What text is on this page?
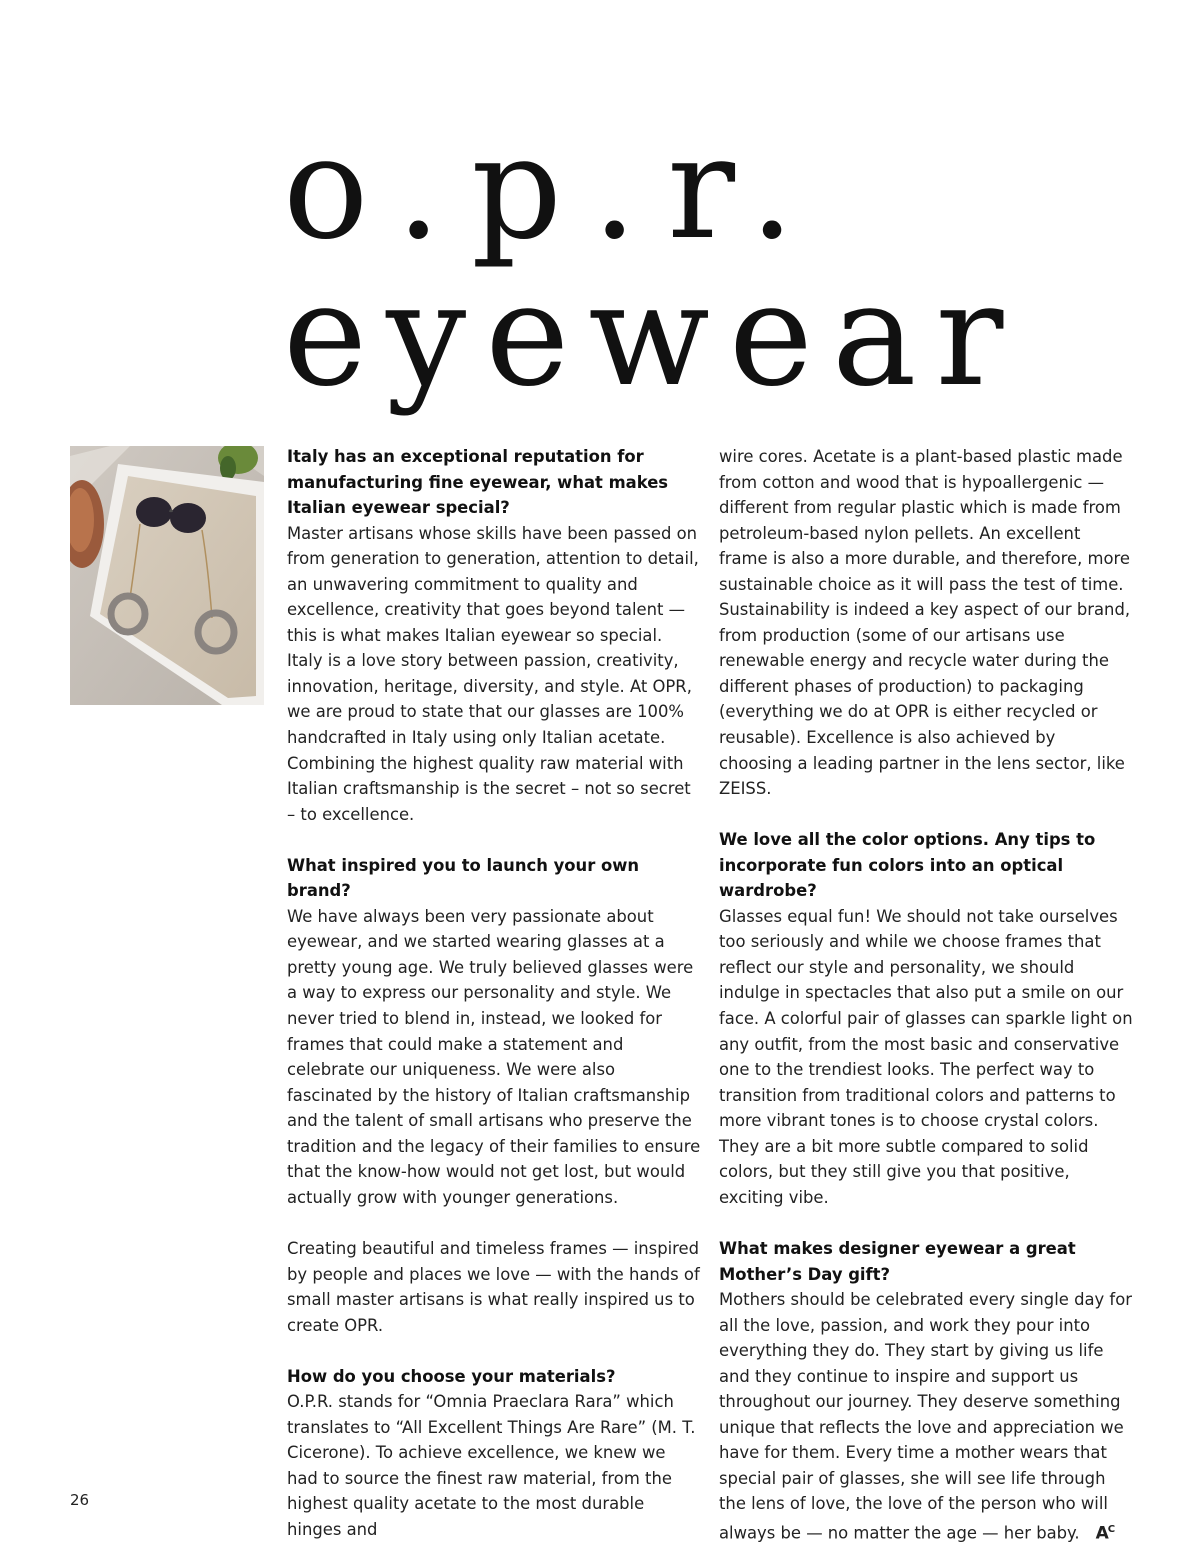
o.p.r.
eyewear

Italy has an exceptional reputation for manufacturing fine eyewear, what makes Italian eyewear special?

Master artisans whose skills have been passed on from generation to generation, attention to detail, an unwavering commitment to quality and excellence, creativity that goes beyond talent — this is what makes Italian eyewear so special. Italy is a love story between passion, creativity, innovation, heritage, diversity, and style. At OPR, we are proud to state that our glasses are 100% handcrafted in Italy using only Italian acetate. Combining the highest quality raw material with Italian craftsmanship is the secret – not so secret – to excellence.

What inspired you to launch your own brand?

We have always been very passionate about eyewear, and we started wearing glasses at a pretty young age. We truly believed glasses were a way to express our personality and style. We never tried to blend in, instead, we looked for frames that could make a statement and celebrate our uniqueness. We were also fascinated by the history of Italian craftsmanship and the talent of small artisans who preserve the tradition and the legacy of their families to ensure that the know-how would not get lost, but would actually grow with younger generations.

Creating beautiful and timeless frames — inspired by people and places we love — with the hands of small master artisans is what really inspired us to create OPR.

How do you choose your materials?

O.P.R. stands for “Omnia Praeclara Rara” which translates to “All Excellent Things Are Rare” (M. T. Cicerone). To achieve excellence, we knew we had to source the finest raw material, from the highest quality acetate to the most durable hinges and

wire cores. Acetate is a plant-based plastic made from cotton and wood that is hypoallergenic — different from regular plastic which is made from petroleum-based nylon pellets. An excellent frame is also a more durable, and therefore, more sustainable choice as it will pass the test of time. Sustainability is indeed a key aspect of our brand, from production (some of our artisans use renewable energy and recycle water during the different phases of production) to packaging (everything we do at OPR is either recycled or reusable). Excellence is also achieved by choosing a leading partner in the lens sector, like ZEISS.

We love all the color options. Any tips to incorporate fun colors into an optical wardrobe?

Glasses equal fun! We should not take ourselves too seriously and while we choose frames that reflect our style and personality, we should indulge in spectacles that also put a smile on our face. A colorful pair of glasses can sparkle light on any outfit, from the most basic and conservative one to the trendiest looks. The perfect way to transition from traditional colors and patterns to more vibrant tones is to choose crystal colors. They are a bit more subtle compared to solid colors, but they still give you that positive, exciting vibe.

What makes designer eyewear a great Mother’s Day gift?

Mothers should be celebrated every single day for all the love, passion, and work they pour into everything they do. They start by giving us life and they continue to inspire and support us throughout our journey. They deserve something unique that reflects the love and appreciation we have for them. Every time a mother wears that special pair of glasses, she will see life through the lens of love, the love of the person who will always be — no matter the age — her baby. $A^C$

26
